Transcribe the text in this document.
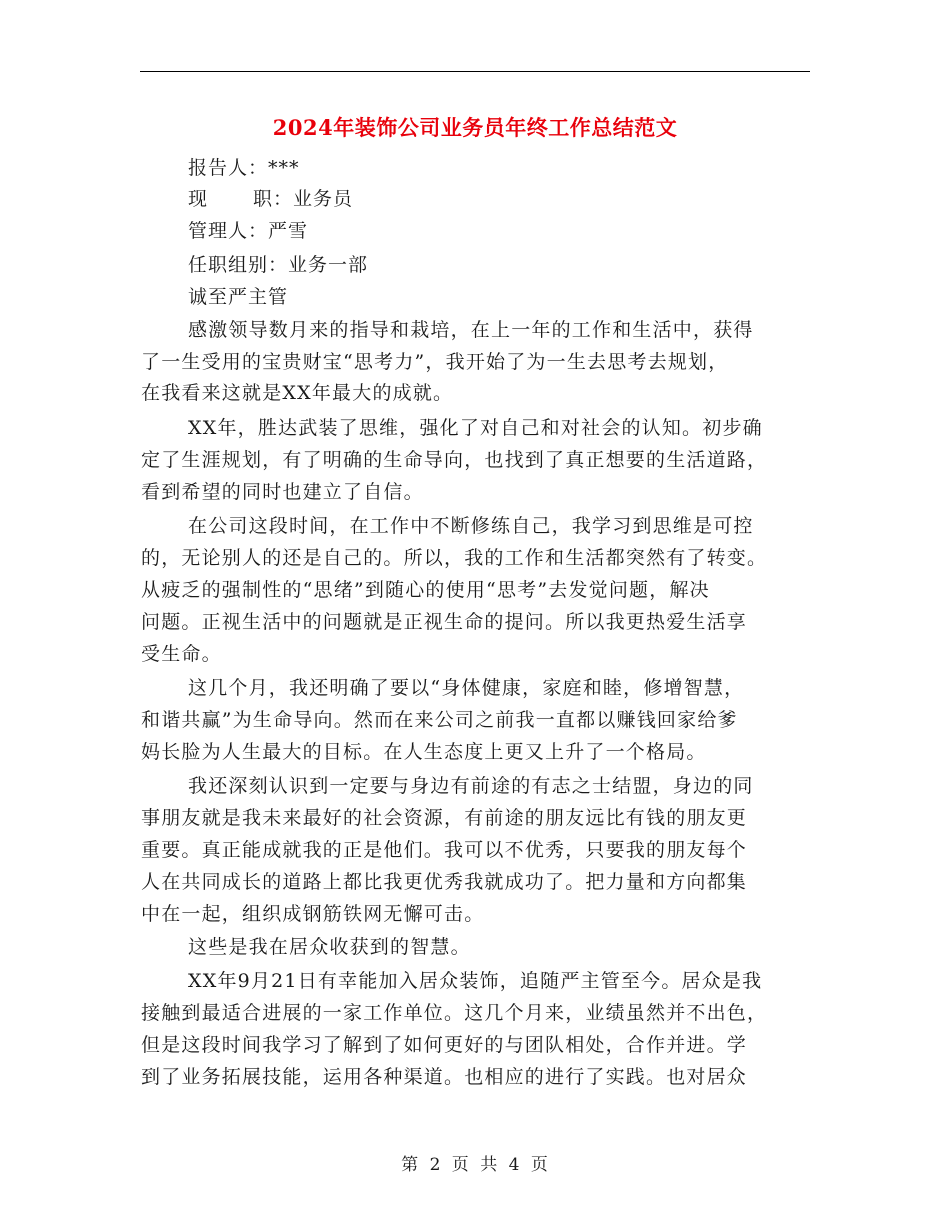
2024年装饰公司业务员年终工作总结范文
报告人：***
现 职：业务员
管理人：严雪
任职组别：业务一部
诚至严主管
感激领导数月来的指导和栽培，在上一年的工作和生活中，获得
了一生受用的宝贵财宝“思考力”，我开始了为一生去思考去规划，
在我看来这就是XX年最大的成就。
XX年，胜达武装了思维，强化了对自己和对社会的认知。初步确
定了生涯规划，有了明确的生命导向，也找到了真正想要的生活道路，
看到希望的同时也建立了自信。
在公司这段时间，在工作中不断修练自己，我学习到思维是可控
的，无论别人的还是自己的。所以，我的工作和生活都突然有了转变。
从疲乏的强制性的“思绪”到随心的使用“思考”去发觉问题，解决
问题。正视生活中的问题就是正视生命的提问。所以我更热爱生活享
受生命。
这几个月，我还明确了要以“身体健康，家庭和睦，修增智慧，
和谐共赢”为生命导向。然而在来公司之前我一直都以赚钱回家给爹
妈长脸为人生最大的目标。在人生态度上更又上升了一个格局。
我还深刻认识到一定要与身边有前途的有志之士结盟，身边的同
事朋友就是我未来最好的社会资源，有前途的朋友远比有钱的朋友更
重要。真正能成就我的正是他们。我可以不优秀，只要我的朋友每个
人在共同成长的道路上都比我更优秀我就成功了。把力量和方向都集
中在一起，组织成钢筋铁网无懈可击。
这些是我在居众收获到的智慧。
XX年9月21日有幸能加入居众装饰，追随严主管至今。居众是我
接触到最适合进展的一家工作单位。这几个月来，业绩虽然并不出色，
但是这段时间我学习了解到了如何更好的与团队相处，合作并进。学
到了业务拓展技能，运用各种渠道。也相应的进行了实践。也对居众
第 2 页 共 4 页
